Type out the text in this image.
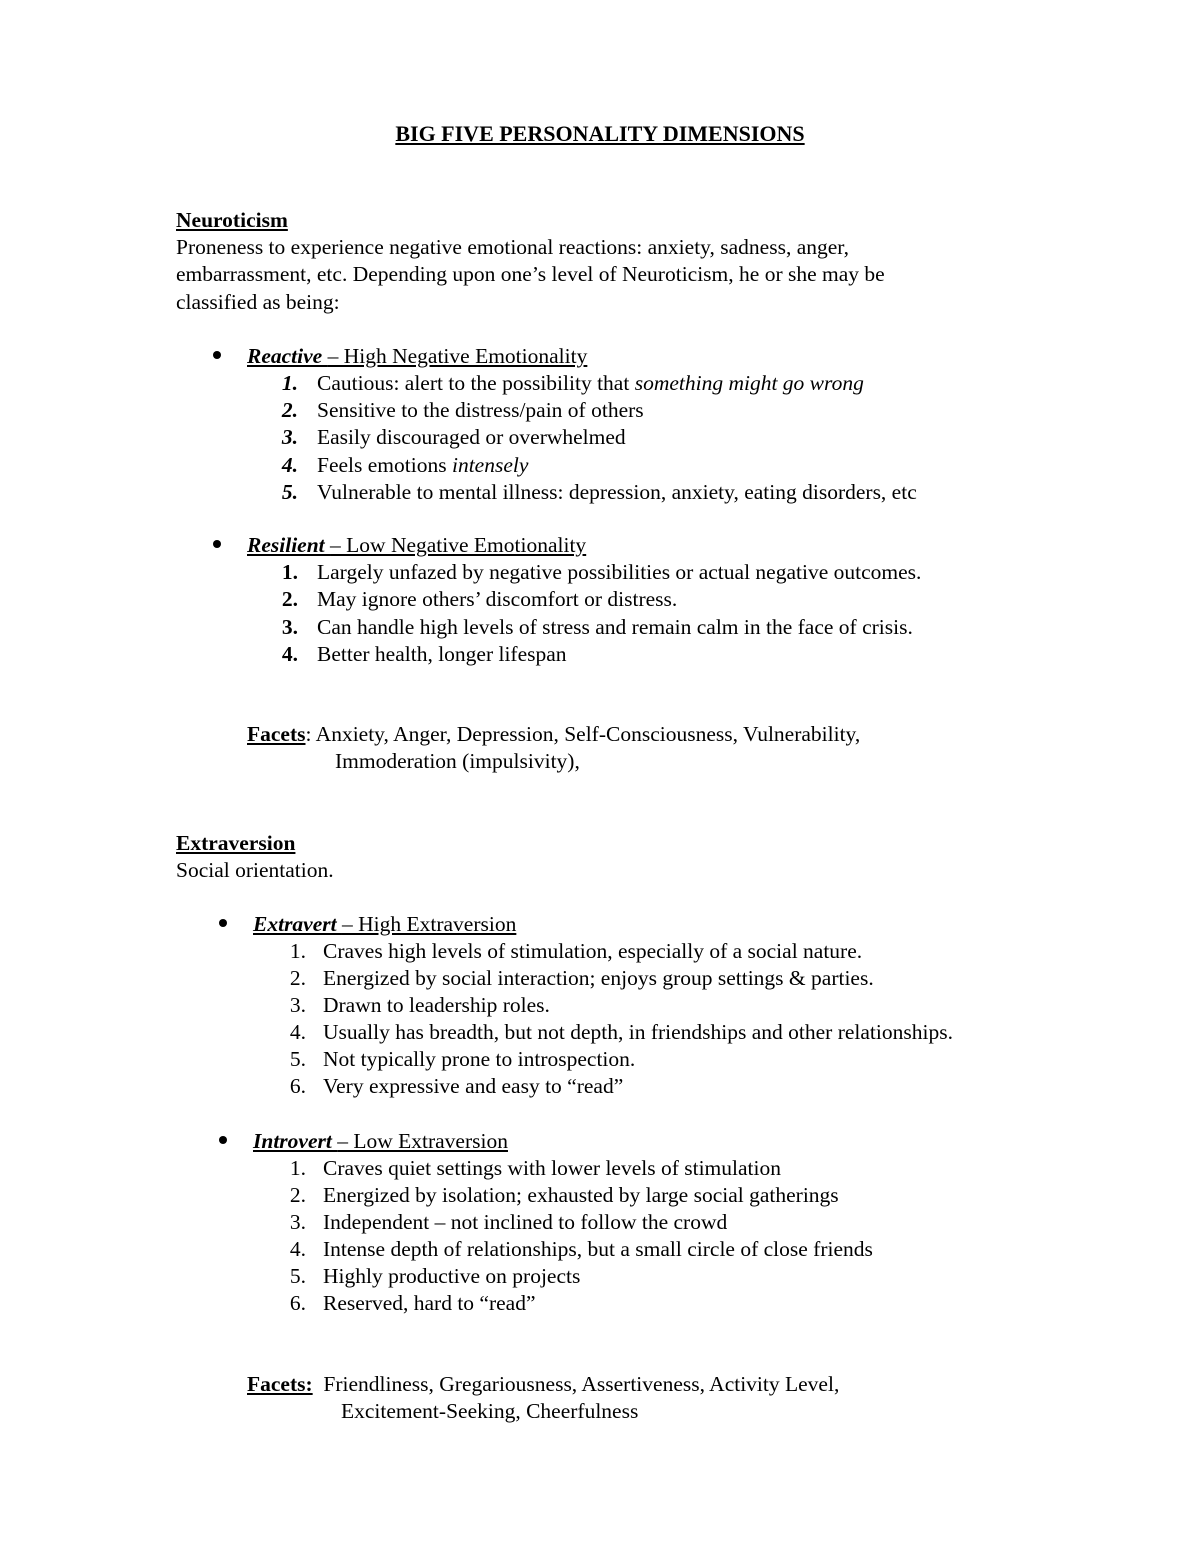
BIG FIVE PERSONALITY DIMENSIONS
Neuroticism
Proneness to experience negative emotional reactions: anxiety, sadness, anger,
embarrassment, etc. Depending upon one’s level of Neuroticism, he or she may be
classified as being:
Reactive – High Negative Emotionality
1. Cautious: alert to the possibility that something might go wrong
2. Sensitive to the distress/pain of others
3. Easily discouraged or overwhelmed
4. Feels emotions intensely
5. Vulnerable to mental illness: depression, anxiety, eating disorders, etc
Resilient – Low Negative Emotionality
1. Largely unfazed by negative possibilities or actual negative outcomes.
2. May ignore others’ discomfort or distress.
3. Can handle high levels of stress and remain calm in the face of crisis.
4. Better health, longer lifespan
Facets: Anxiety, Anger, Depression, Self-Consciousness, Vulnerability,
Immoderation (impulsivity),
Extraversion
Social orientation.
Extravert – High Extraversion
1. Craves high levels of stimulation, especially of a social nature.
2. Energized by social interaction; enjoys group settings & parties.
3. Drawn to leadership roles.
4. Usually has breadth, but not depth, in friendships and other relationships.
5. Not typically prone to introspection.
6. Very expressive and easy to “read”
Introvert – Low Extraversion
1. Craves quiet settings with lower levels of stimulation
2. Energized by isolation; exhausted by large social gatherings
3. Independent – not inclined to follow the crowd
4. Intense depth of relationships, but a small circle of close friends
5. Highly productive on projects
6. Reserved, hard to “read”
Facets:  Friendliness, Gregariousness, Assertiveness, Activity Level,
Excitement-Seeking, Cheerfulness
